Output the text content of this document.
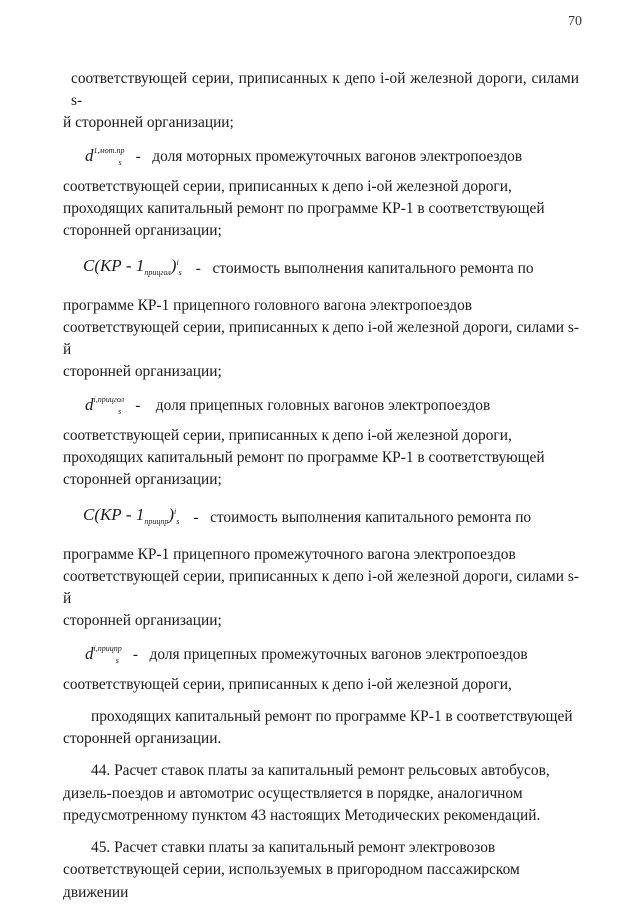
70

соответствующей серии, приписанных к депо i-ой железной дороги, силами s-

й сторонней организации;

$d^{1,мот.пр}_s$ - доля моторных промежуточных вагонов электропоездов

соответствующей серии, приписанных к депо i-ой железной дороги,

проходящих капитальный ремонт по программе КР-1 в соответствующей

сторонней организации;

$C(КР - 1_{прицгол})^i_s$ - стоимость выполнения капитального ремонта по

программе КР-1 прицепного головного вагона электропоездов

соответствующей серии, приписанных к депо i-ой железной дороги, силами s-й

сторонней организации;

$d^{i,прицгол}_s$ - доля прицепных головных вагонов электропоездов

соответствующей серии, приписанных к депо i-ой железной дороги,

проходящих капитальный ремонт по программе КР-1 в соответствующей

сторонней организации;

$C(КР - 1_{прицпр})^i_s$ - стоимость выполнения капитального ремонта по

программе КР-1 прицепного промежуточного вагона электропоездов

соответствующей серии, приписанных к депо i-ой железной дороги, силами s-й

сторонней организации;

$d^{i,прицпр}_s$ - доля прицепных промежуточных вагонов электропоездов

соответствующей серии, приписанных к депо i-ой железной дороги,

проходящих капитальный ремонт по программе КР-1 в соответствующей

сторонней организации.

44. Расчет ставок платы за капитальный ремонт рельсовых автобусов,

дизель-поездов и автомотрис осуществляется в порядке, аналогичном

предусмотренному пунктом 43 настоящих Методических рекомендаций.

45. Расчет ставки платы за капитальный ремонт электровозов

соответствующей серии, используемых в пригородном пассажирском движении
